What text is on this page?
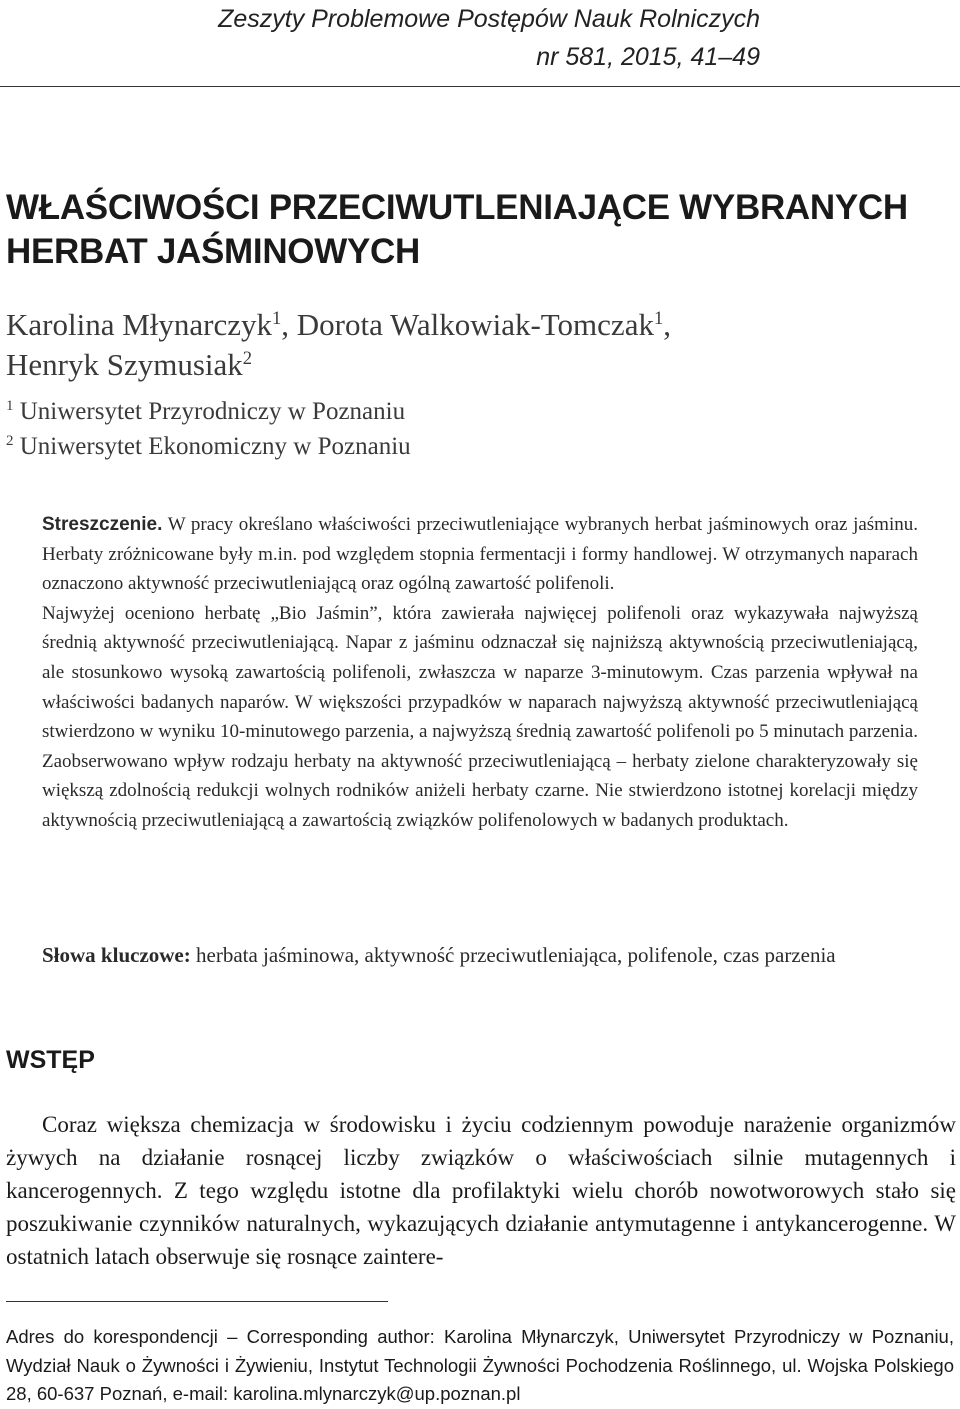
Zeszyty Problemowe Postępów Nauk Rolniczych
nr 581, 2015, 41–49
WŁAŚCIWOŚCI PRZECIWUTLENIAJĄCE WYBRANYCH
HERBAT JAŚMINOWYCH
Karolina Młynarczyk$^1$, Dorota Walkowiak-Tomczak$^1$,
Henryk Szymusiak$^2$
$^1$ Uniwersytet Przyrodniczy w Poznaniu
$^2$ Uniwersytet Ekonomiczny w Poznaniu

Streszczenie. W pracy określano właściwości przeciwutleniające wybranych herbat jaśminowych oraz jaśminu. Herbaty zróżnicowane były m.in. pod względem stopnia fermentacji i formy handlowej. W otrzymanych naparach oznaczono aktywność przeciwutleniającą oraz ogólną zawartość polifenoli.

Najwyżej oceniono herbatę „Bio Jaśmin”, która zawierała najwięcej polifenoli oraz wykazywała najwyższą średnią aktywność przeciwutleniającą. Napar z jaśminu odznaczał się najniższą aktywnością przeciwutleniającą, ale stosunkowo wysoką zawartością polifenoli, zwłaszcza w naparze 3-minutowym. Czas parzenia wpływał na właściwości badanych naparów. W większości przypadków w naparach najwyższą aktywność przeciwutleniającą stwierdzono w wyniku 10-minutowego parzenia, a najwyższą średnią zawartość polifenoli po 5 minutach parzenia. Zaobserwowano wpływ rodzaju herbaty na aktywność przeciwutleniającą – herbaty zielone charakteryzowały się większą zdolnością redukcji wolnych rodników aniżeli herbaty czarne. Nie stwierdzono istotnej korelacji między aktywnością przeciwutleniającą a zawartością związków polifenolowych w badanych produktach.

Słowa kluczowe: herbata jaśminowa, aktywność przeciwutleniająca, polifenole, czas parzenia
WSTĘP

Coraz większa chemizacja w środowisku i życiu codziennym powoduje narażenie organizmów żywych na działanie rosnącej liczby związków o właściwościach silnie mutagennych i kancerogennych. Z tego względu istotne dla profilaktyki wielu chorób nowotworowych stało się poszukiwanie czynników naturalnych, wykazujących działanie antymutagenne i antykancerogenne. W ostatnich latach obserwuje się rosnące zaintere-

Adres do korespondencji – Corresponding author: Karolina Młynarczyk, Uniwersytet Przyrodniczy w Poznaniu, Wydział Nauk o Żywności i Żywieniu, Instytut Technologii Żywności Pochodzenia Roślinnego, ul. Wojska Polskiego 28, 60-637 Poznań, e-mail: karolina.mlynarczyk@up.poznan.pl
